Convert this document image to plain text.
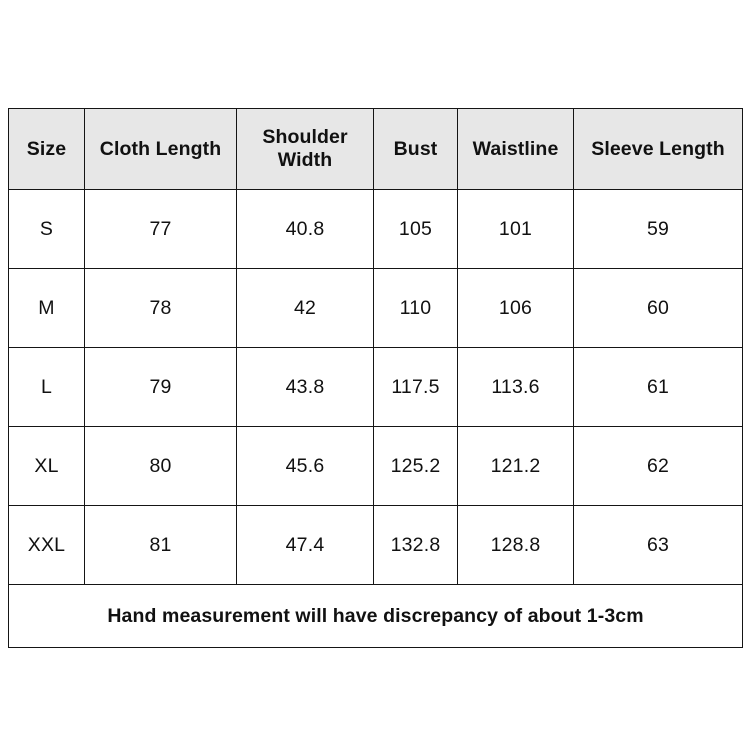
Size	Cloth Length	Shoulder Width	Bust	Waistline	Sleeve Length
S	77	40.8	105	101	59
M	78	42	110	106	60
L	79	43.8	117.5	113.6	61
XL	80	45.6	125.2	121.2	62
XXL	81	47.4	132.8	128.8	63
Hand measurement will have discrepancy of about 1-3cm					
